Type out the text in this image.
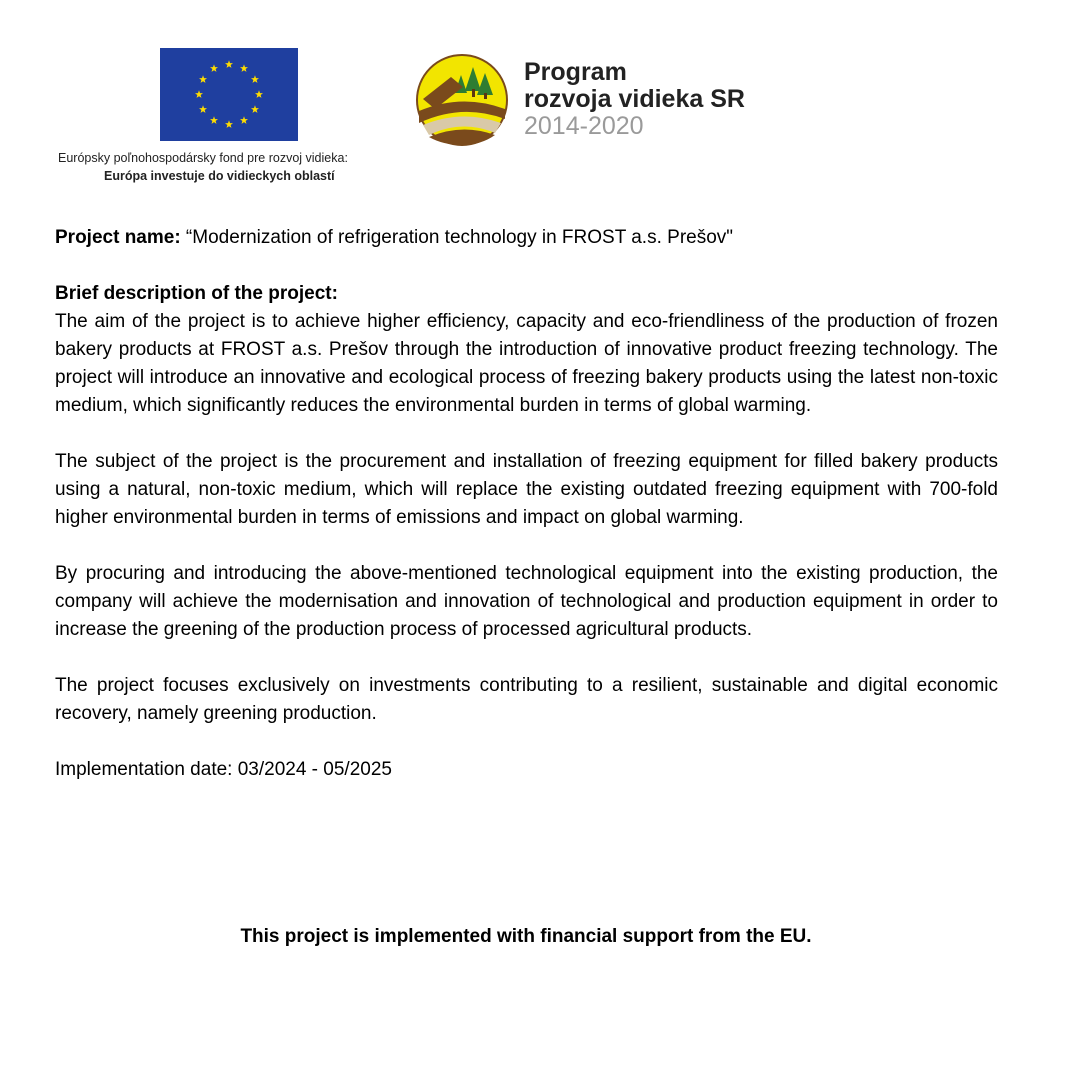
Európsky poľnohospodársky fond pre rozvoj vidieka:
Európa investuje do vidieckych oblastí
Program
rozvoja vidieka SR
2014-2020

Project name: “Modernization of refrigeration technology in FROST a.s. Prešov"

Brief description of the project:

The aim of the project is to achieve higher efficiency, capacity and eco-friendliness of the production of frozen bakery products at FROST a.s. Prešov through the introduction of innovative product freezing technology. The project will introduce an innovative and ecological process of freezing bakery products using the latest non-toxic medium, which significantly reduces the environmental burden in terms of global warming.

The subject of the project is the procurement and installation of freezing equipment for filled bakery products using a natural, non-toxic medium, which will replace the existing outdated freezing equipment with 700-fold higher environmental burden in terms of emissions and impact on global warming.

By procuring and introducing the above-mentioned technological equipment into the existing production, the company will achieve the modernisation and innovation of technological and production equipment in order to increase the greening of the production process of processed agricultural products.

The project focuses exclusively on investments contributing to a resilient, sustainable and digital economic recovery, namely greening production.

Implementation date: 03/2024 - 05/2025

This project is implemented with financial support from the EU.
